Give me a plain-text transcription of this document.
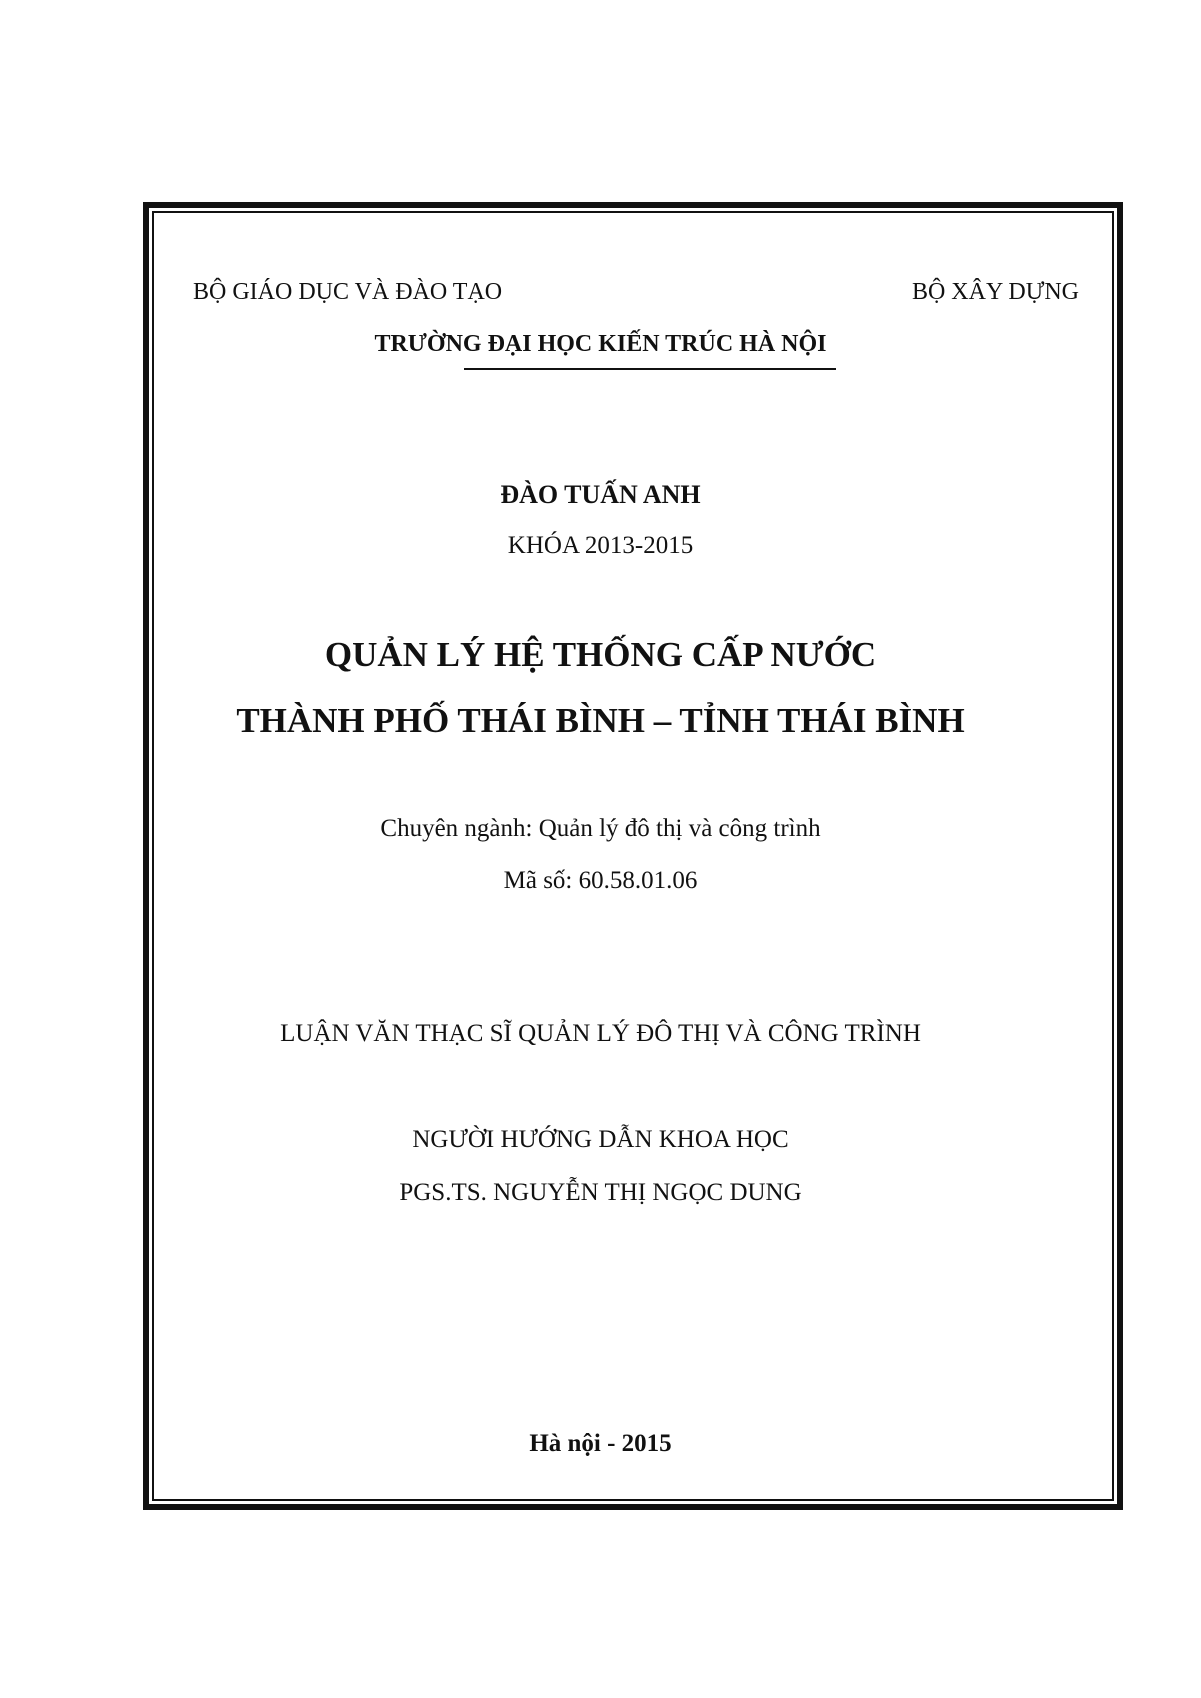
BỘ GIÁO DỤC VÀ ĐÀO TẠO	BỘ XÂY DỰNG
TRƯỜNG ĐẠI HỌC KIẾN TRÚC HÀ NỘI
ĐÀO TUẤN ANH
KHÓA 2013-2015
QUẢN LÝ HỆ THỐNG CẤP NƯỚC
THÀNH PHỐ THÁI BÌNH – TỈNH THÁI BÌNH
Chuyên ngành: Quản lý đô thị và công trình
Mã số: 60.58.01.06
LUẬN VĂN THẠC SĨ QUẢN LÝ ĐÔ THỊ VÀ CÔNG TRÌNH
NGƯỜI HƯỚNG DẪN KHOA HỌC
PGS.TS. NGUYỄN THỊ NGỌC DUNG
Hà nội - 2015
